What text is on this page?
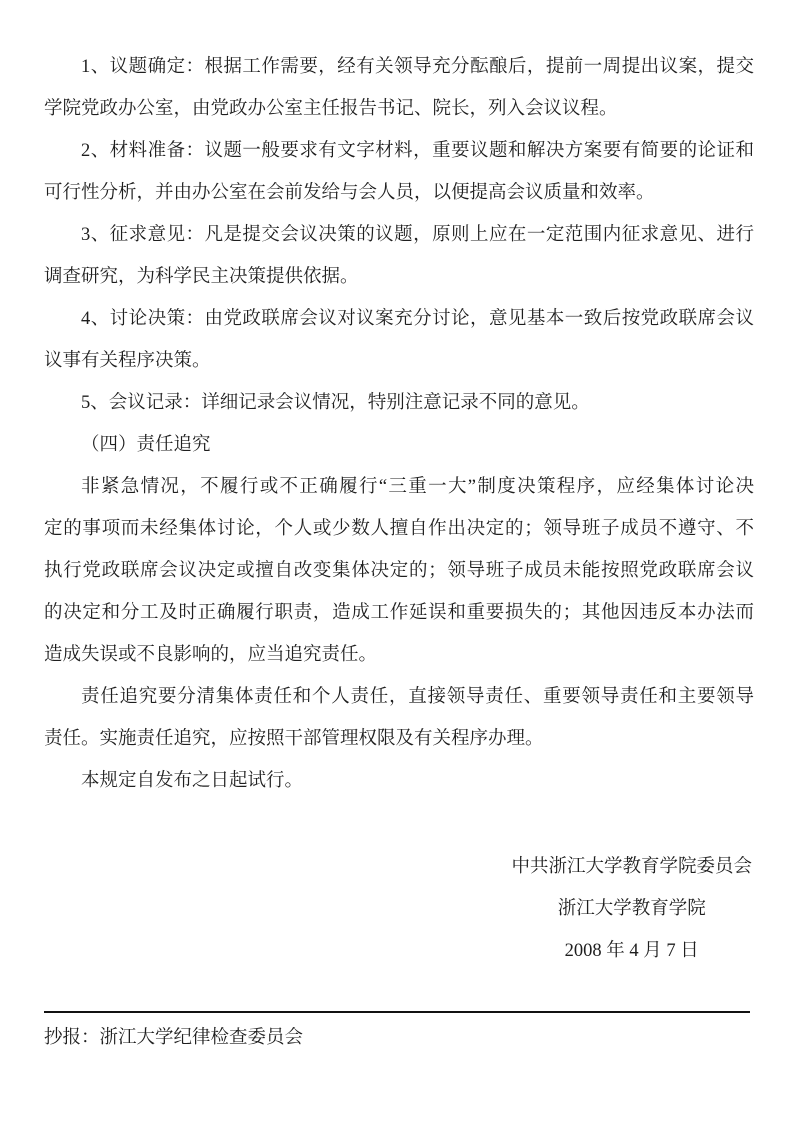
1、议题确定：根据工作需要，经有关领导充分酝酿后，提前一周提出议案，提交
学院党政办公室，由党政办公室主任报告书记、院长，列入会议议程。
2、材料准备：议题一般要求有文字材料，重要议题和解决方案要有简要的论证和
可行性分析，并由办公室在会前发给与会人员，以便提高会议质量和效率。
3、征求意见：凡是提交会议决策的议题，原则上应在一定范围内征求意见、进行
调查研究，为科学民主决策提供依据。
4、讨论决策：由党政联席会议对议案充分讨论，意见基本一致后按党政联席会议
议事有关程序决策。
5、会议记录：详细记录会议情况，特别注意记录不同的意见。
（四）责任追究
非紧急情况，不履行或不正确履行“三重一大”制度决策程序，应经集体讨论决
定的事项而未经集体讨论，个人或少数人擅自作出决定的；领导班子成员不遵守、不
执行党政联席会议决定或擅自改变集体决定的；领导班子成员未能按照党政联席会议
的决定和分工及时正确履行职责，造成工作延误和重要损失的；其他因违反本办法而
造成失误或不良影响的，应当追究责任。
责任追究要分清集体责任和个人责任，直接领导责任、重要领导责任和主要领导
责任。实施责任追究，应按照干部管理权限及有关程序办理。
本规定自发布之日起试行。
中共浙江大学教育学院委员会
浙江大学教育学院
2008 年 4 月 7 日
抄报：浙江大学纪律检查委员会
